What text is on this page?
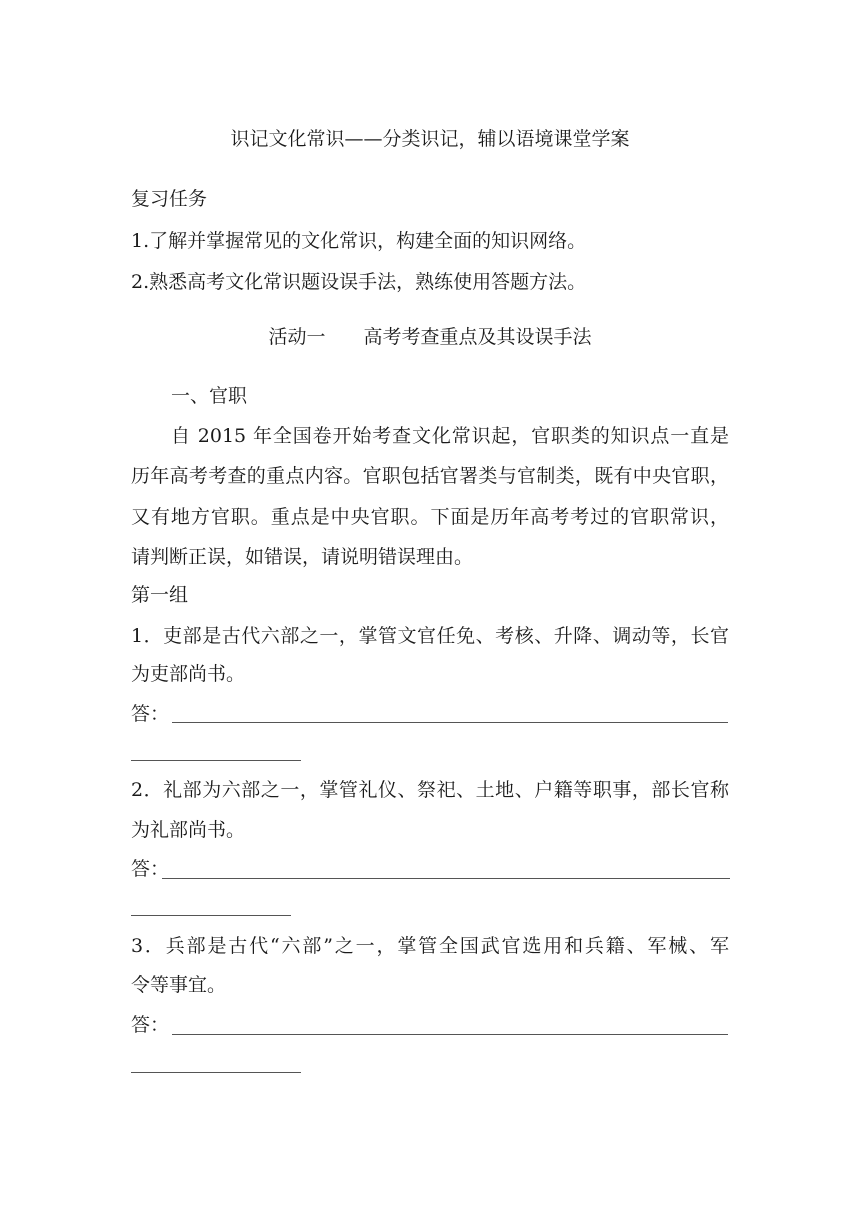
识记文化常识——分类识记，辅以语境课堂学案
复习任务
1.了解并掌握常见的文化常识，构建全面的知识网络。
2.熟悉高考文化常识题设误手法，熟练使用答题方法。
活动一 高考考查重点及其设误手法
一、官职
自 2015 年全国卷开始考查文化常识起，官职类的知识点一直是
历年高考考查的重点内容。官职包括官署类与官制类，既有中央官职，
又有地方官职。重点是中央官职。下面是历年高考考过的官职常识，
请判断正误，如错误，请说明错误理由。
第一组
1．吏部是古代六部之一，掌管文官任免、考核、升降、调动等，长官
为吏部尚书。
答：
2．礼部为六部之一，掌管礼仪、祭祀、土地、户籍等职事，部长官称
为礼部尚书。
答：
3．兵部是古代“六部”之一，掌管全国武官选用和兵籍、军械、军
令等事宜。
答：
